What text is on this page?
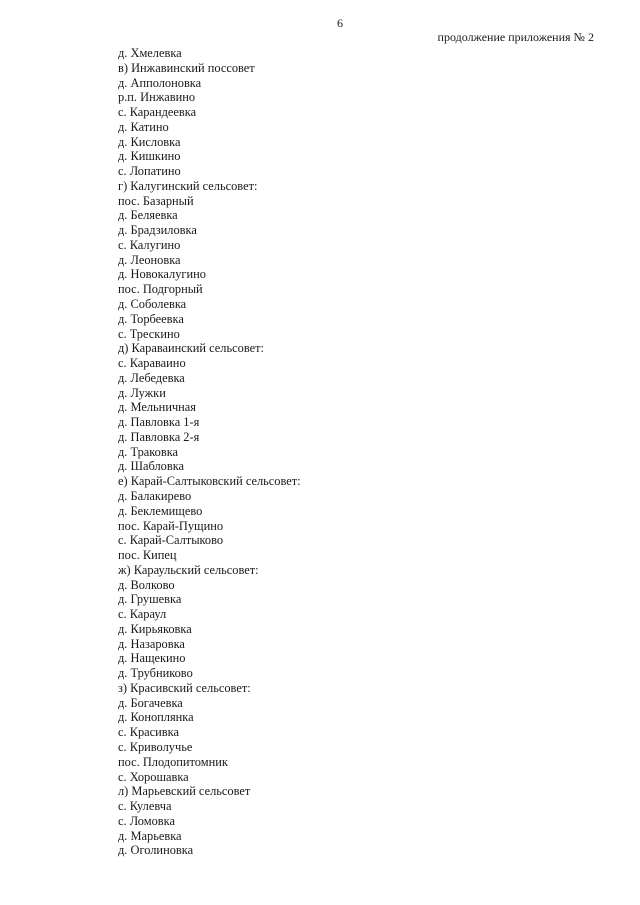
6
продолжение приложения № 2
д. Хмелевка
в) Инжавинский поссовет
д. Апполоновка
р.п. Инжавино
с. Карандеевка
д. Катино
д. Кисловка
д. Кишкино
с. Лопатино
г) Калугинский сельсовет:
пос. Базарный
д. Беляевка
д. Брадзиловка
с. Калугино
д. Леоновка
д. Новокалугино
пос. Подгорный
д. Соболевка
д. Торбеевка
с. Трескино
д) Караваинский сельсовет:
с. Караваино
д. Лебедевка
д. Лужки
д. Мельничная
д. Павловка 1-я
д. Павловка 2-я
д. Траковка
д. Шабловка
е) Карай-Салтыковский сельсовет:
д. Балакирево
д. Беклемищево
пос. Карай-Пущино
с. Карай-Салтыково
пос. Кипец
ж) Караульский сельсовет:
д. Волково
д. Грушевка
с. Караул
д. Кирьяковка
д. Назаровка
д. Нащекино
д. Трубниково
з) Красивский сельсовет:
д. Богачевка
д. Коноплянка
с. Красивка
с. Криволучье
пос. Плодопитомник
с. Хорошавка
л) Марьевский сельсовет
с. Кулевча
с. Ломовка
д. Марьевка
д. Оголиновка
